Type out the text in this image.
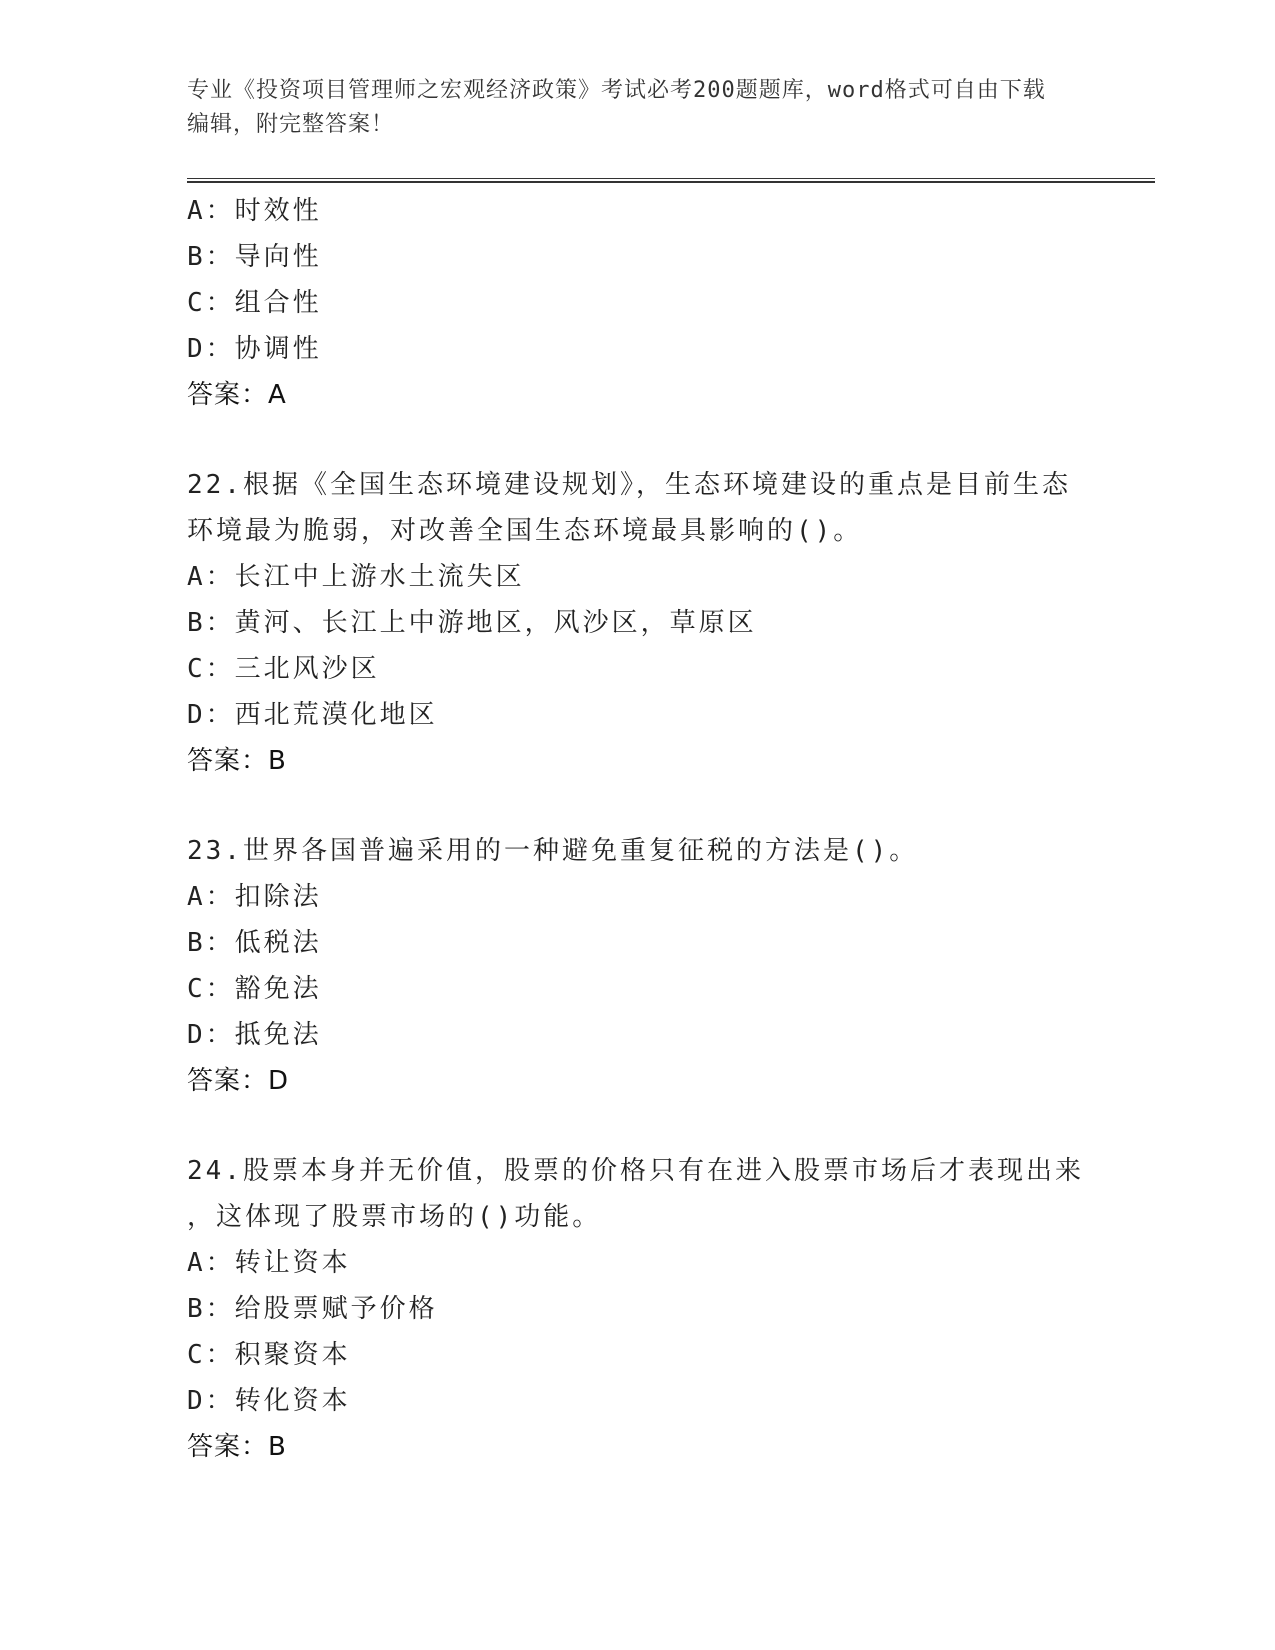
专业《投资项目管理师之宏观经济政策》考试必考200题题库，word格式可自由下载编辑，附完整答案！
A：时效性
B：导向性
C：组合性
D：协调性
答案：A
22.根据《全国生态环境建设规划》，生态环境建设的重点是目前生态
环境最为脆弱，对改善全国生态环境最具影响的()。
A：长江中上游水土流失区
B：黄河、长江上中游地区，风沙区，草原区
C：三北风沙区
D：西北荒漠化地区
答案：B
23.世界各国普遍采用的一种避免重复征税的方法是()。
A：扣除法
B：低税法
C：豁免法
D：抵免法
答案：D
24.股票本身并无价值，股票的价格只有在进入股票市场后才表现出来
，这体现了股票市场的()功能。
A：转让资本
B：给股票赋予价格
C：积聚资本
D：转化资本
答案：B
